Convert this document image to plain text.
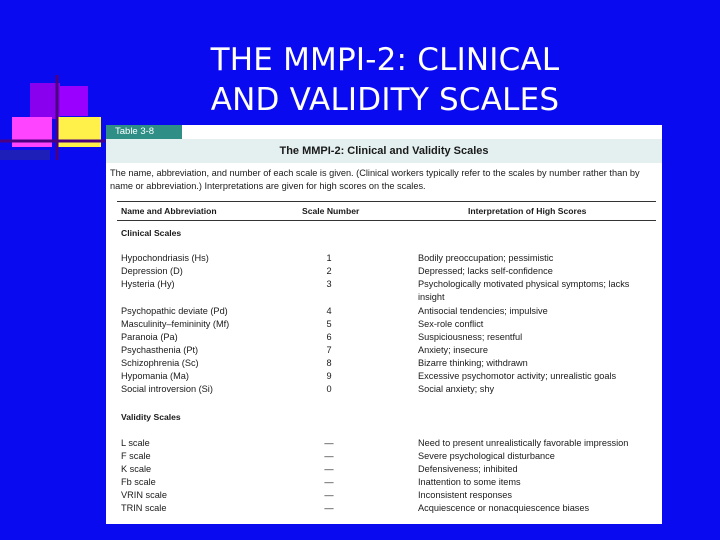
THE MMPI-2: CLINICAL
AND VALIDITY SCALES
Table 3-8
The MMPI-2: Clinical and Validity Scales
The name, abbreviation, and number of each scale is given. (Clinical workers typically refer to the scales by number rather than by name or abbreviation.) Interpretations are given for high scores on the scales.
Name and Abbreviation	Scale Number	Interpretation of High Scores
Clinical Scales
Hypochondriasis (Hs)	1	Bodily preoccupation; pessimistic
Depression (D)	2	Depressed; lacks self-confidence
Hysteria (Hy)	3	Psychologically motivated physical symptoms; lacks insight
Psychopathic deviate (Pd)	4	Antisocial tendencies; impulsive
Masculinity–femininity (Mf)	5	Sex-role conflict
Paranoia (Pa)	6	Suspiciousness; resentful
Psychasthenia (Pt)	7	Anxiety; insecure
Schizophrenia (Sc)	8	Bizarre thinking; withdrawn
Hypomania (Ma)	9	Excessive psychomotor activity; unrealistic goals
Social introversion (Si)	0	Social anxiety; shy
Validity Scales
L scale	—	Need to present unrealistically favorable impression
F scale	—	Severe psychological disturbance
K scale	—	Defensiveness; inhibited
Fb scale	—	Inattention to some items
VRIN scale	—	Inconsistent responses
TRIN scale	—	Acquiescence or nonacquiescence biases
